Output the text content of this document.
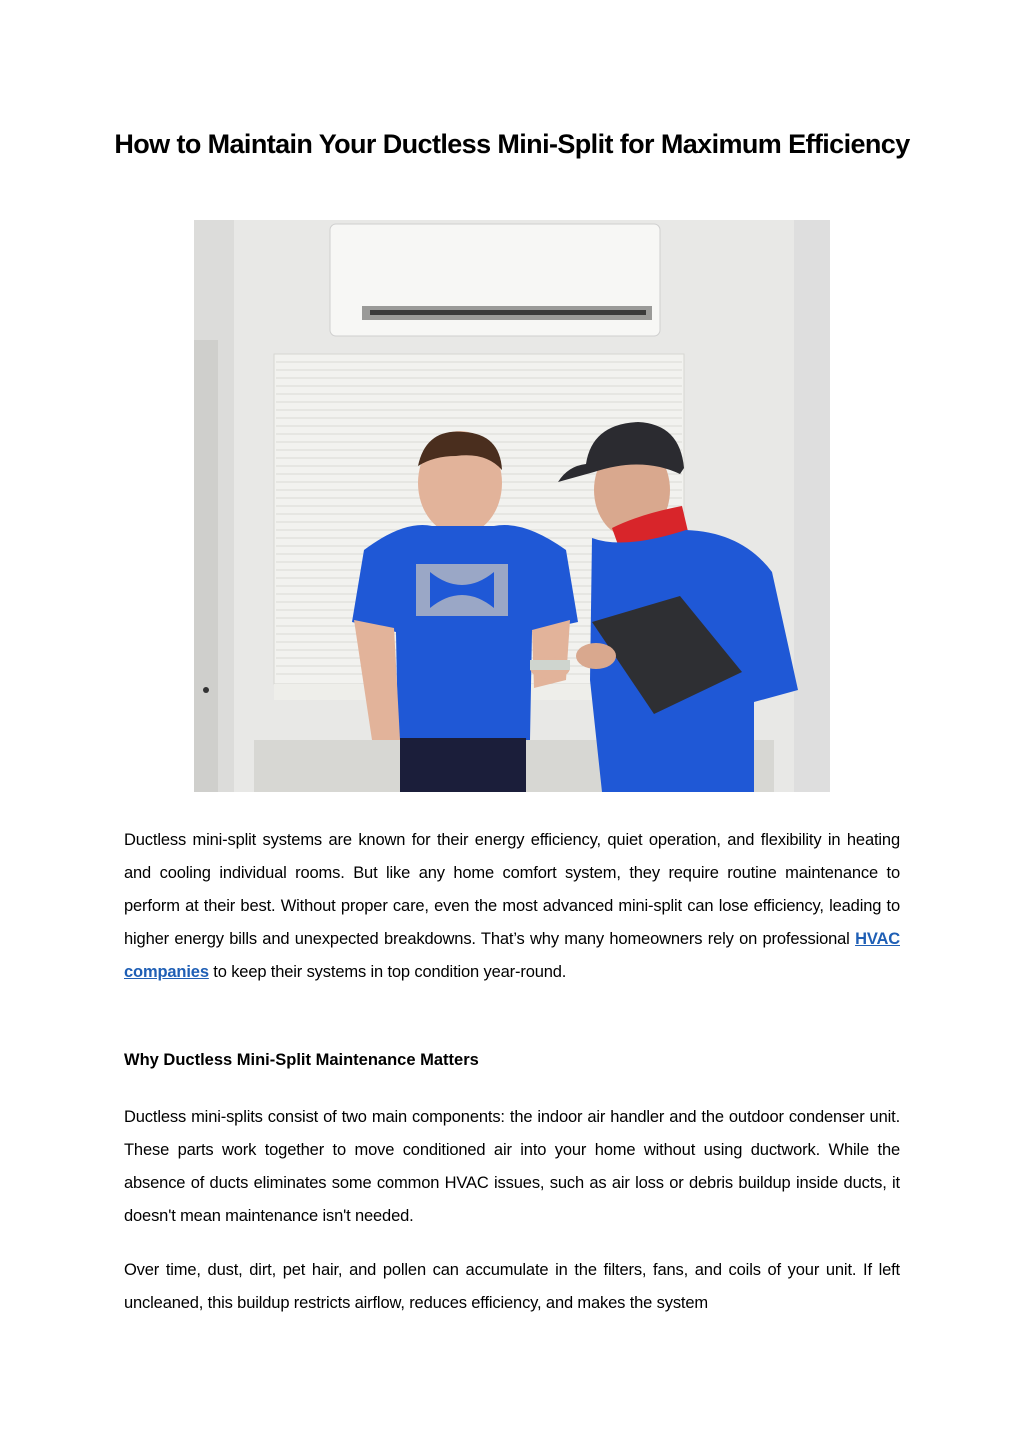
How to Maintain Your Ductless Mini-Split for Maximum Efficiency

Ductless mini-split systems are known for their energy efficiency, quiet operation, and flexibility in heating and cooling individual rooms. But like any home comfort system, they require routine maintenance to perform at their best. Without proper care, even the most advanced mini-split can lose efficiency, leading to higher energy bills and unexpected breakdowns. That’s why many homeowners rely on professional HVAC companies to keep their systems in top condition year-round.

Why Ductless Mini-Split Maintenance Matters

Ductless mini-splits consist of two main components: the indoor air handler and the outdoor condenser unit. These parts work together to move conditioned air into your home without using ductwork. While the absence of ducts eliminates some common HVAC issues, such as air loss or debris buildup inside ducts, it doesn't mean maintenance isn't needed.

Over time, dust, dirt, pet hair, and pollen can accumulate in the filters, fans, and coils of your unit. If left uncleaned, this buildup restricts airflow, reduces efficiency, and makes the system
